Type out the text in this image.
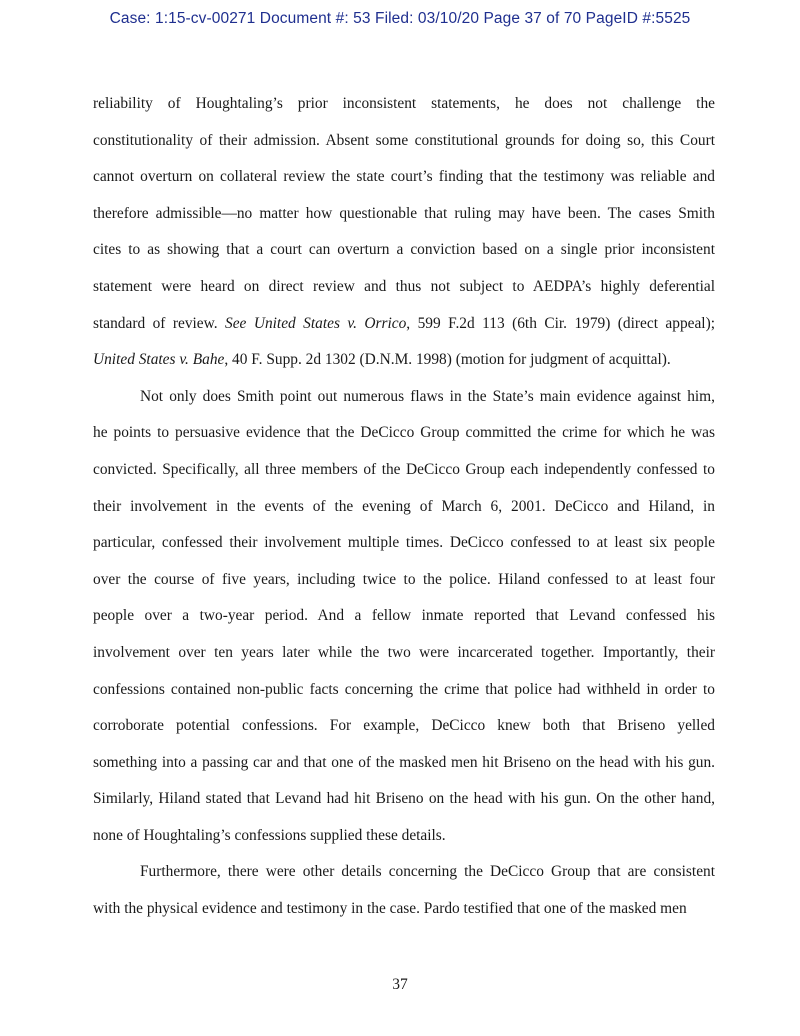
Case: 1:15-cv-00271 Document #: 53 Filed: 03/10/20 Page 37 of 70 PageID #:5525
reliability of Houghtaling’s prior inconsistent statements, he does not challenge the
constitutionality of their admission. Absent some constitutional grounds for doing so, this Court
cannot overturn on collateral review the state court’s finding that the testimony was reliable and
therefore admissible—no matter how questionable that ruling may have been. The cases Smith
cites to as showing that a court can overturn a conviction based on a single prior inconsistent
statement were heard on direct review and thus not subject to AEDPA’s highly deferential
standard of review. See United States v. Orrico, 599 F.2d 113 (6th Cir. 1979) (direct appeal);
United States v. Bahe, 40 F. Supp. 2d 1302 (D.N.M. 1998) (motion for judgment of acquittal).
Not only does Smith point out numerous flaws in the State’s main evidence against him,
he points to persuasive evidence that the DeCicco Group committed the crime for which he was
convicted. Specifically, all three members of the DeCicco Group each independently confessed to
their involvement in the events of the evening of March 6, 2001. DeCicco and Hiland, in
particular, confessed their involvement multiple times. DeCicco confessed to at least six people
over the course of five years, including twice to the police. Hiland confessed to at least four
people over a two-year period. And a fellow inmate reported that Levand confessed his
involvement over ten years later while the two were incarcerated together. Importantly, their
confessions contained non-public facts concerning the crime that police had withheld in order to
corroborate potential confessions. For example, DeCicco knew both that Briseno yelled
something into a passing car and that one of the masked men hit Briseno on the head with his gun.
Similarly, Hiland stated that Levand had hit Briseno on the head with his gun. On the other hand,
none of Houghtaling’s confessions supplied these details.
Furthermore, there were other details concerning the DeCicco Group that are consistent
with the physical evidence and testimony in the case. Pardo testified that one of the masked men
37
